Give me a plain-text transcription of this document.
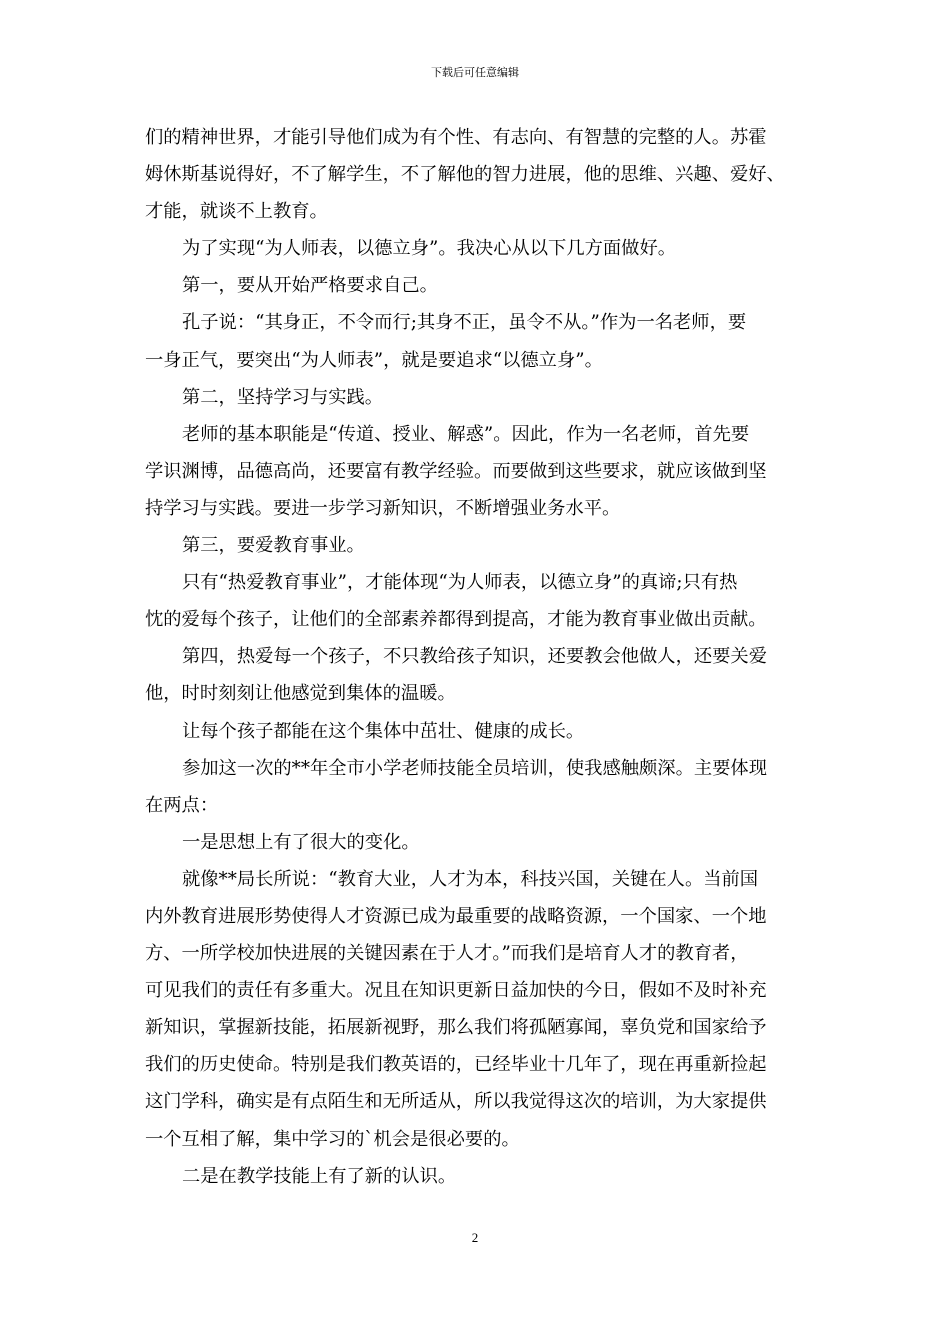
下载后可任意编辑
们的精神世界，才能引导他们成为有个性、有志向、有智慧的完整的人。苏霍
姆休斯基说得好，不了解学生，不了解他的智力进展，他的思维、兴趣、爱好、
才能，就谈不上教育。
为了实现“为人师表，以德立身”。我决心从以下几方面做好。
第一，要从开始严格要求自己。
孔子说：“其身正，不令而行;其身不正，虽令不从。”作为一名老师，要
一身正气，要突出“为人师表”，就是要追求“以德立身”。
第二，坚持学习与实践。
老师的基本职能是“传道、授业、解惑”。因此，作为一名老师，首先要
学识渊博，品德高尚，还要富有教学经验。而要做到这些要求，就应该做到坚
持学习与实践。要进一步学习新知识，不断增强业务水平。
第三，要爱教育事业。
只有“热爱教育事业”，才能体现“为人师表，以德立身”的真谛;只有热
忱的爱每个孩子，让他们的全部素养都得到提高，才能为教育事业做出贡献。
第四，热爱每一个孩子，不只教给孩子知识，还要教会他做人，还要关爱
他，时时刻刻让他感觉到集体的温暖。
让每个孩子都能在这个集体中茁壮、健康的成长。
参加这一次的**年全市小学老师技能全员培训，使我感触颇深。主要体现
在两点：
一是思想上有了很大的变化。
就像**局长所说：“教育大业，人才为本，科技兴国，关键在人。当前国
内外教育进展形势使得人才资源已成为最重要的战略资源，一个国家、一个地
方、一所学校加快进展的关键因素在于人才。”而我们是培育人才的教育者，
可见我们的责任有多重大。况且在知识更新日益加快的今日，假如不及时补充
新知识，掌握新技能，拓展新视野，那么我们将孤陋寡闻，辜负党和国家给予
我们的历史使命。特别是我们教英语的，已经毕业十几年了，现在再重新捡起
这门学科，确实是有点陌生和无所适从，所以我觉得这次的培训，为大家提供
一个互相了解，集中学习的`机会是很必要的。
二是在教学技能上有了新的认识。
2
